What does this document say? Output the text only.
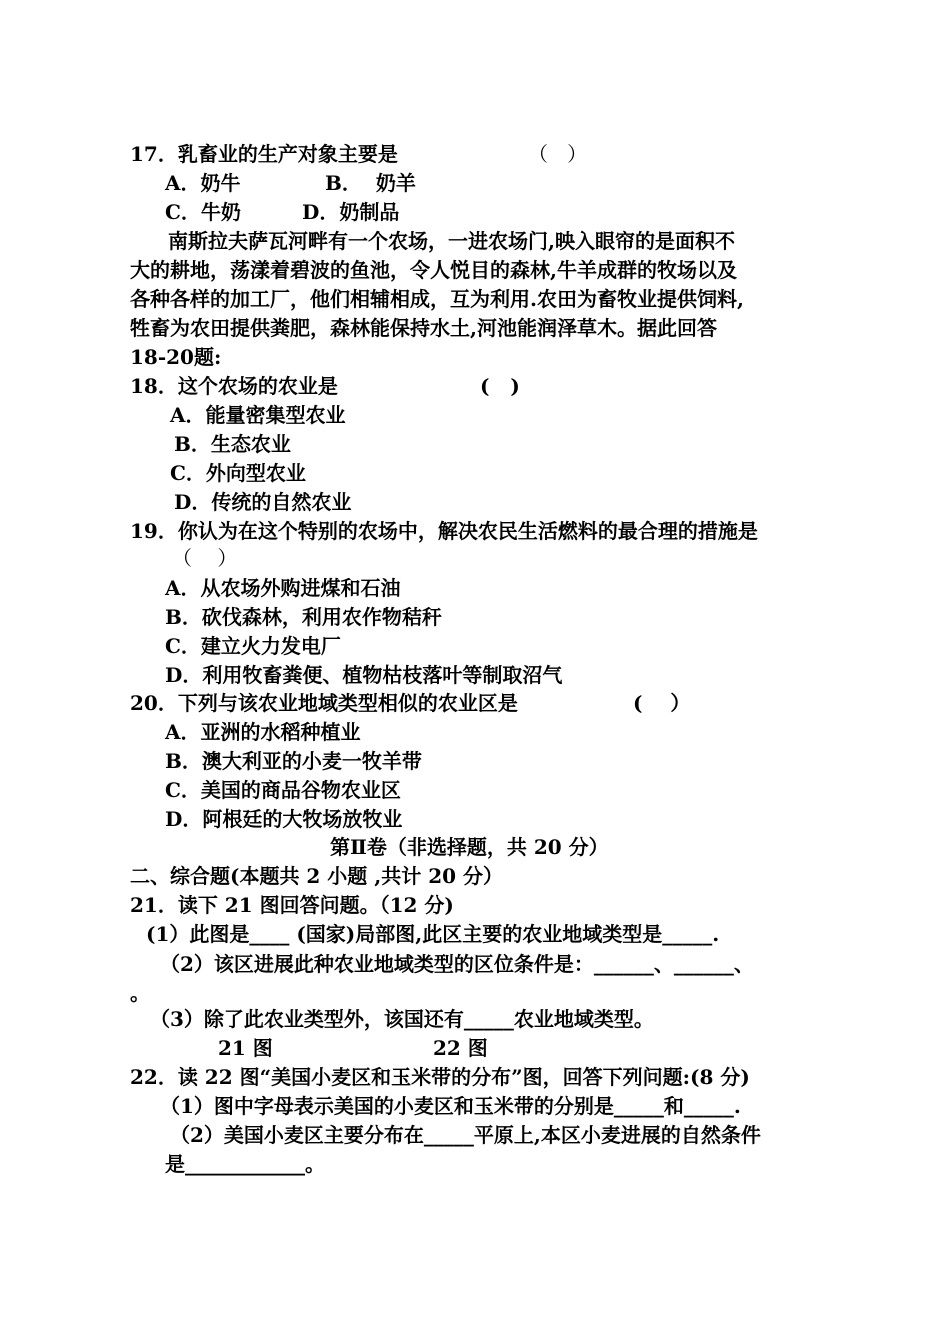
17．乳畜业的生产对象主要是	（   ）
A．奶牛	B．  奶羊
C．牛奶	D．奶制品
南斯拉夫萨瓦河畔有一个农场，一进农场门,映入眼帘的是面积不
大的耕地，荡漾着碧波的鱼池，令人悦目的森林,牛羊成群的牧场以及
各种各样的加工厂，他们相辅相成，互为利用.农田为畜牧业提供饲料,
牲畜为农田提供粪肥，森林能保持水土,河池能润泽草木。据此回答
18-20题:
18．这个农场的农业是	(   )
A．能量密集型农业
B．生态农业
C．外向型农业
D．传统的自然农业
19．你认为在这个特别的农场中，解决农民生活燃料的最合理的措施是
（    ）
A．从农场外购进煤和石油
B．砍伐森林，利用农作物秸秆
C．建立火力发电厂
D．利用牧畜粪便、植物枯枝落叶等制取沼气
20．下列与该农业地域类型相似的农业区是	(    ）
A．亚洲的水稻种植业
B．澳大利亚的小麦一牧羊带
C．美国的商品谷物农业区
D．阿根廷的大牧场放牧业
第Ⅱ卷（非选择题，共 20 分）
二、综合题(本题共 2 小题 ,共计 20 分）
21．读下 21 图回答问题。（12 分)
(1）此图是____ (国家)局部图,此区主要的农业地域类型是_____.
（2）该区进展此种农业地域类型的区位条件是：______、______、
。
（3）除了此农业类型外，该国还有_____农业地域类型。
21 图	22 图
22．读 22 图“美国小麦区和玉米带的分布”图，回答下列问题:(8 分)
（1）图中字母表示美国的小麦区和玉米带的分别是_____和_____.
（2）美国小麦区主要分布在_____平原上,本区小麦进展的自然条件
是____________。
